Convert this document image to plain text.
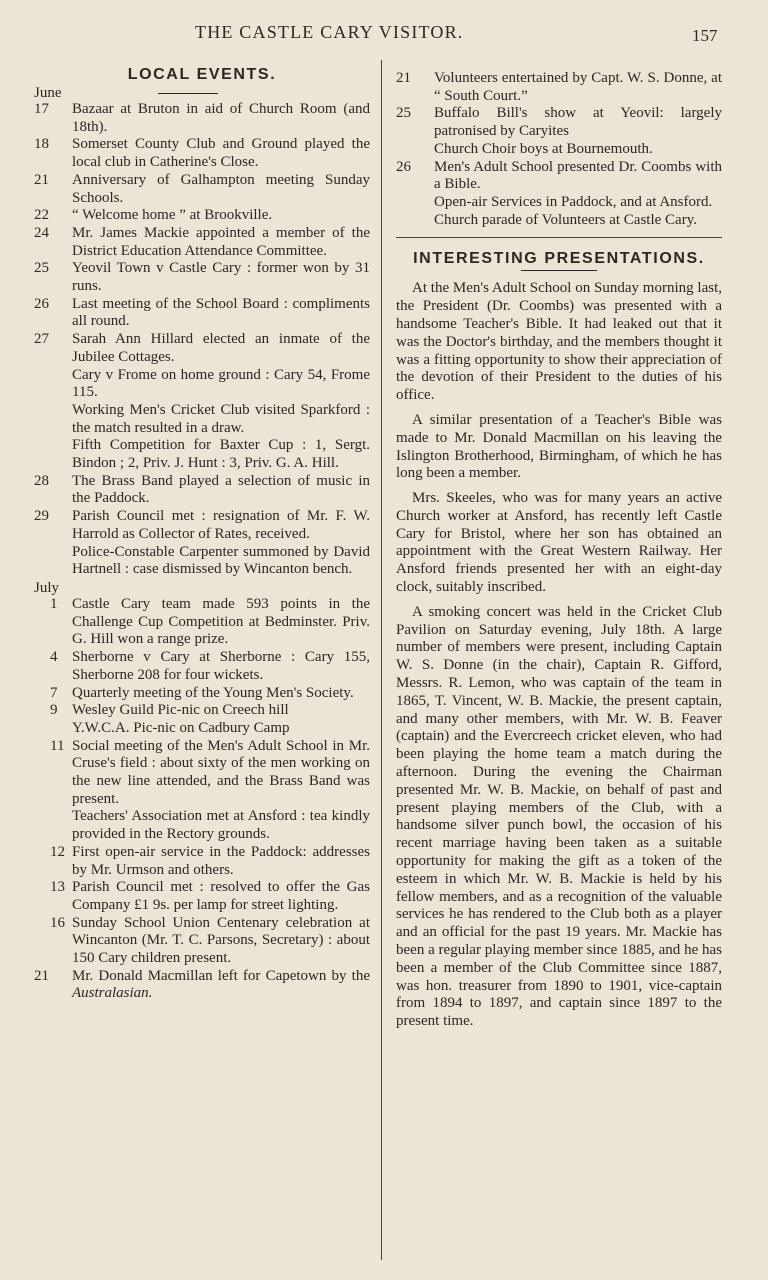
THE CASTLE CARY VISITOR.	157
LOCAL EVENTS.
June
17	Bazaar at Bruton in aid of Church Room (and 18th).
18	Somerset County Club and Ground played the local club in Catherine's Close.
21	Anniversary of Galhampton meeting Sunday Schools.
22	“ Welcome home ” at Brookville.
24	Mr. James Mackie appointed a member of the District Education Attendance Committee.
25	Yeovil Town v Castle Cary : former won by 31 runs.
26	Last meeting of the School Board : compliments all round.
27	Sarah Ann Hillard elected an inmate of the Jubilee Cottages.
Cary v Frome on home ground : Cary 54, Frome 115.
Working Men's Cricket Club visited Sparkford : the match resulted in a draw.
Fifth Competition for Baxter Cup : 1, Sergt. Bindon ; 2, Priv. J. Hunt : 3, Priv. G. A. Hill.
28	The Brass Band played a selection of music in the Paddock.
29	Parish Council met : resignation of Mr. F. W. Harrold as Collector of Rates, received.
Police-Constable Carpenter summoned by David Hartnell : case dismissed by Wincanton bench.
July
1 Castle Cary team made 593 points in the Challenge Cup Competition at Bedminster. Priv. G. Hill won a range prize.
4 Sherborne v Cary at Sherborne : Cary 155, Sherborne 208 for four wickets.
7 Quarterly meeting of the Young Men's Society.
9 Wesley Guild Pic-nic on Creech hill
Y.W.C.A. Pic-nic on Cadbury Camp
11 Social meeting of the Men's Adult School in Mr. Cruse's field : about sixty of the men working on the new line attended, and the Brass Band was present.
Teachers' Association met at Ansford : tea kindly provided in the Rectory grounds.
12 First open-air service in the Paddock: addresses by Mr. Urmson and others.
13 Parish Council met : resolved to offer the Gas Company £1 9s. per lamp for street lighting.
16 Sunday School Union Centenary celebration at Wincanton (Mr. T. C. Parsons, Secretary) : about 150 Cary children present.
21	Mr. Donald Macmillan left for Capetown by the Australasian.
21	Volunteers entertained by Capt. W. S. Donne, at “ South Court.”
25	Buffalo Bill's show at Yeovil: largely patronised by Caryites
Church Choir boys at Bournemouth.
26	Men's Adult School presented Dr. Coombs with a Bible.
Open-air Services in Paddock, and at Ansford.
Church parade of Volunteers at Castle Cary.
INTERESTING PRESENTATIONS.

At the Men's Adult School on Sunday morning last, the President (Dr. Coombs) was presented with a handsome Teacher's Bible. It had leaked out that it was the Doctor's birthday, and the members thought it was a fitting opportunity to show their appreciation of the devotion of their President to the duties of his office.

A similar presentation of a Teacher's Bible was made to Mr. Donald Macmillan on his leaving the Islington Brotherhood, Birmingham, of which he has long been a member.

Mrs. Skeeles, who was for many years an active Church worker at Ansford, has recently left Castle Cary for Bristol, where her son has obtained an appointment with the Great Western Railway. Her Ansford friends presented her with an eight-day clock, suitably inscribed.

A smoking concert was held in the Cricket Club Pavilion on Saturday evening, July 18th. A large number of members were present, including Captain W. S. Donne (in the chair), Captain R. Gifford, Messrs. R. Lemon, who was captain of the team in 1865, T. Vincent, W. B. Mackie, the present captain, and many other members, with Mr. W. B. Feaver (captain) and the Evercreech cricket eleven, who had been playing the home team a match during the afternoon. During the evening the Chairman presented Mr. W. B. Mackie, on behalf of past and present playing members of the Club, with a handsome silver punch bowl, the occasion of his recent marriage having been taken as a suitable opportunity for making the gift as a token of the esteem in which Mr. W. B. Mackie is held by his fellow members, and as a recognition of the valuable services he has rendered to the Club both as a player and an official for the past 19 years. Mr. Mackie has been a regular playing member since 1885, and he has been a member of the Club Committee since 1887, was hon. treasurer from 1890 to 1901, vice-captain from 1894 to 1897, and captain since 1897 to the present time.
